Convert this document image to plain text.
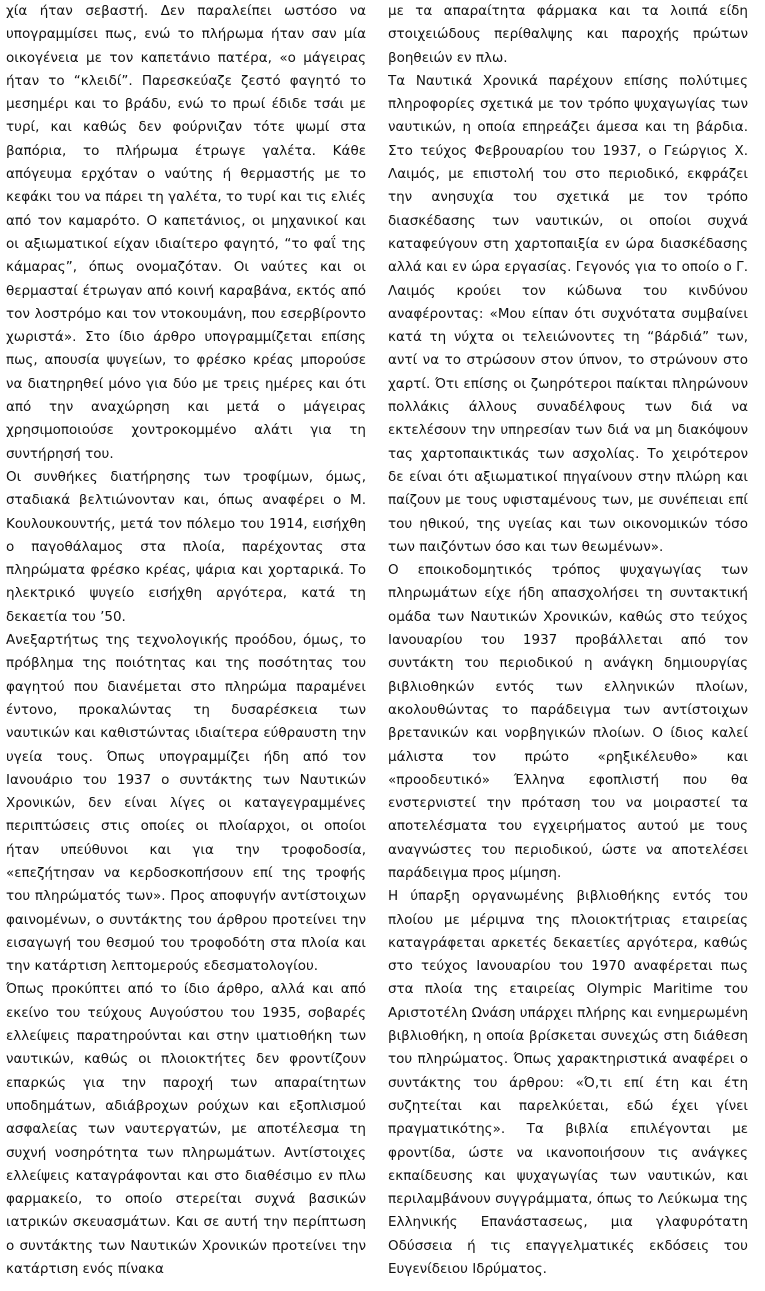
χία ήταν σεβαστή. Δεν παραλείπει ωστόσο να υπογραμμίσει πως, ενώ το πλήρωμα ήταν σαν μία οικογένεια με τον καπετάνιο πατέρα, «ο μάγειρας ήταν το “κλειδί”. Παρεσκεύαζε ζεστό φαγητό το μεσημέρι και το βράδυ, ενώ το πρωί έδιδε τσάι με τυρί, και καθώς δεν φούρνιζαν τότε ψωμί στα βαπόρια, το πλήρωμα έτρωγε γαλέτα. Κάθε απόγευμα ερχόταν ο ναύτης ή θερμαστής με το κεφάκι του να πάρει τη γαλέτα, το τυρί και τις ελιές από τον καμαρότο. Ο καπετάνιος, οι μηχανικοί και οι αξιωματικοί είχαν ιδιαίτερο φαγητό, “το φαΐ της κάμαρας”, όπως ονομαζόταν. Οι ναύτες και οι θερμασταί έτρωγαν από κοινή καραβάνα, εκτός από τον λοστρόμο και τον ντοκουμάνη, που εσερβίροντο χωριστά». Στο ίδιο άρθρο υπογραμμίζεται επίσης πως, απουσία ψυγείων, το φρέσκο κρέας μπορούσε να διατηρηθεί μόνο για δύο με τρεις ημέρες και ότι από την αναχώρηση και μετά ο μάγειρας χρησιμοποιούσε χοντροκομμένο αλάτι για τη συντήρησή του.

Οι συνθήκες διατήρησης των τροφίμων, όμως, σταδιακά βελτιώνονταν και, όπως αναφέρει ο Μ. Κουλουκουντής, μετά τον πόλεμο του 1914, εισήχθη ο παγοθάλαμος στα πλοία, παρέχοντας στα πληρώματα φρέσκο κρέας, ψάρια και χορταρικά. Το ηλεκτρικό ψυγείο εισήχθη αργότερα, κατά τη δεκαετία του ’50.

Ανεξαρτήτως της τεχνολογικής προόδου, όμως, το πρόβλημα της ποιότητας και της ποσότητας του φαγητού που διανέμεται στο πληρώμα παραμένει έντονο, προκαλώντας τη δυσαρέσκεια των ναυτικών και καθιστώντας ιδιαίτερα εύθραυστη την υγεία τους. Όπως υπογραμμίζει ήδη από τον Ιανουάριο του 1937 ο συντάκτης των Ναυτικών Χρονικών, δεν είναι λίγες οι καταγεγραμμένες περιπτώσεις στις οποίες οι πλοίαρχοι, οι οποίοι ήταν υπεύθυνοι και για την τροφοδοσία, «επεζήτησαν να κερδοσκοπήσουν επί της τροφής του πληρώματός των». Προς αποφυγήν αντίστοιχων φαινομένων, ο συντάκτης του άρθρου προτείνει την εισαγωγή του θεσμού του τροφοδότη στα πλοία και την κατάρτιση λεπτομερούς εδεσματολογίου.

Όπως προκύπτει από το ίδιο άρθρο, αλλά και από εκείνο του τεύχους Αυγούστου του 1935, σοβαρές ελλείψεις παρατηρούνται και στην ιματιοθήκη των ναυτικών, καθώς οι πλοιοκτήτες δεν φροντίζουν επαρκώς για την παροχή των απαραίτητων υποδημάτων, αδιάβροχων ρούχων και εξοπλισμού ασφαλείας των ναυτεργατών, με αποτέλεσμα τη συχνή νοσηρότητα των πληρωμάτων. Αντίστοιχες ελλείψεις καταγράφονται και στο διαθέσιμο εν πλω φαρμακείο, το οποίο στερείται συχνά βασικών ιατρικών σκευασμάτων. Και σε αυτή την περίπτωση ο συντάκτης των Ναυτικών Χρονικών προτείνει την κατάρτιση ενός πίνακα

με τα απαραίτητα φάρμακα και τα λοιπά είδη στοιχειώδους περίθαλψης και παροχής πρώτων βοηθειών εν πλω.

Τα Ναυτικά Χρονικά παρέχουν επίσης πολύτιμες πληροφορίες σχετικά με τον τρόπο ψυχαγωγίας των ναυτικών, η οποία επηρεάζει άμεσα και τη βάρδια. Στο τεύχος Φεβρουαρίου του 1937, ο Γεώργιος Χ. Λαιμός, με επιστολή του στο περιοδικό, εκφράζει την ανησυχία του σχετικά με τον τρόπο διασκέδασης των ναυτικών, οι οποίοι συχνά καταφεύγουν στη χαρτοπαιξία εν ώρα διασκέδασης αλλά και εν ώρα εργασίας. Γεγονός για το οποίο ο Γ. Λαιμός κρούει τον κώδωνα του κινδύνου αναφέροντας: «Μου είπαν ότι συχνότατα συμβαίνει κατά τη νύχτα οι τελειώνοντες τη “βάρδιά” των, αντί να το στρώσουν στον ύπνον, το στρώνουν στο χαρτί. Ότι επίσης οι ζωηρότεροι παίκται πληρώνουν πολλάκις άλλους συναδέλφους των διά να εκτελέσουν την υπηρεσίαν των διά να μη διακόψουν τας χαρτοπαικτικάς των ασχολίας. Το χειρότερον δε είναι ότι αξιωματικοί πηγαίνουν στην πλώρη και παίζουν με τους υφισταμένους των, με συνέπειαι επί του ηθικού, της υγείας και των οικονομικών τόσο των παιζόντων όσο και των θεωμένων».

Ο εποικοδομητικός τρόπος ψυχαγωγίας των πληρωμάτων είχε ήδη απασχολήσει τη συντακτική ομάδα των Ναυτικών Χρονικών, καθώς στο τεύχος Ιανουαρίου του 1937 προβάλλεται από τον συντάκτη του περιοδικού η ανάγκη δημιουργίας βιβλιοθηκών εντός των ελληνικών πλοίων, ακολουθώντας το παράδειγμα των αντίστοιχων βρετανικών και νορβηγικών πλοίων. Ο ίδιος καλεί μάλιστα τον πρώτο «ρηξικέλευθο» και «προοδευτικό» Έλληνα εφοπλιστή που θα ενστερνιστεί την πρόταση του να μοιραστεί τα αποτελέσματα του εγχειρήματος αυτού με τους αναγνώστες του περιοδικού, ώστε να αποτελέσει παράδειγμα προς μίμηση.

Η ύπαρξη οργανωμένης βιβλιοθήκης εντός του πλοίου με μέριμνα της πλοιοκτήτριας εταιρείας καταγράφεται αρκετές δεκαετίες αργότερα, καθώς στο τεύχος Ιανουαρίου του 1970 αναφέρεται πως στα πλοία της εταιρείας Olympic Maritime του Αριστοτέλη Ωνάση υπάρχει πλήρης και ενημερωμένη βιβλιοθήκη, η οποία βρίσκεται συνεχώς στη διάθεση του πληρώματος. Όπως χαρακτηριστικά αναφέρει ο συντάκτης του άρθρου: «Ό,τι επί έτη και έτη συζητείται και παρελκύεται, εδώ έχει γίνει πραγματικότης». Τα βιβλία επιλέγονται με φροντίδα, ώστε να ικανοποιήσουν τις ανάγκες εκπαίδευσης και ψυχαγωγίας των ναυτικών, και περιλαμβάνουν συγγράμματα, όπως το Λεύκωμα της Ελληνικής Επανάστασεως, μια γλαφυρότατη Οδύσσεια ή τις επαγγελματικές εκδόσεις του Ευγενίδειου Ιδρύματος.
